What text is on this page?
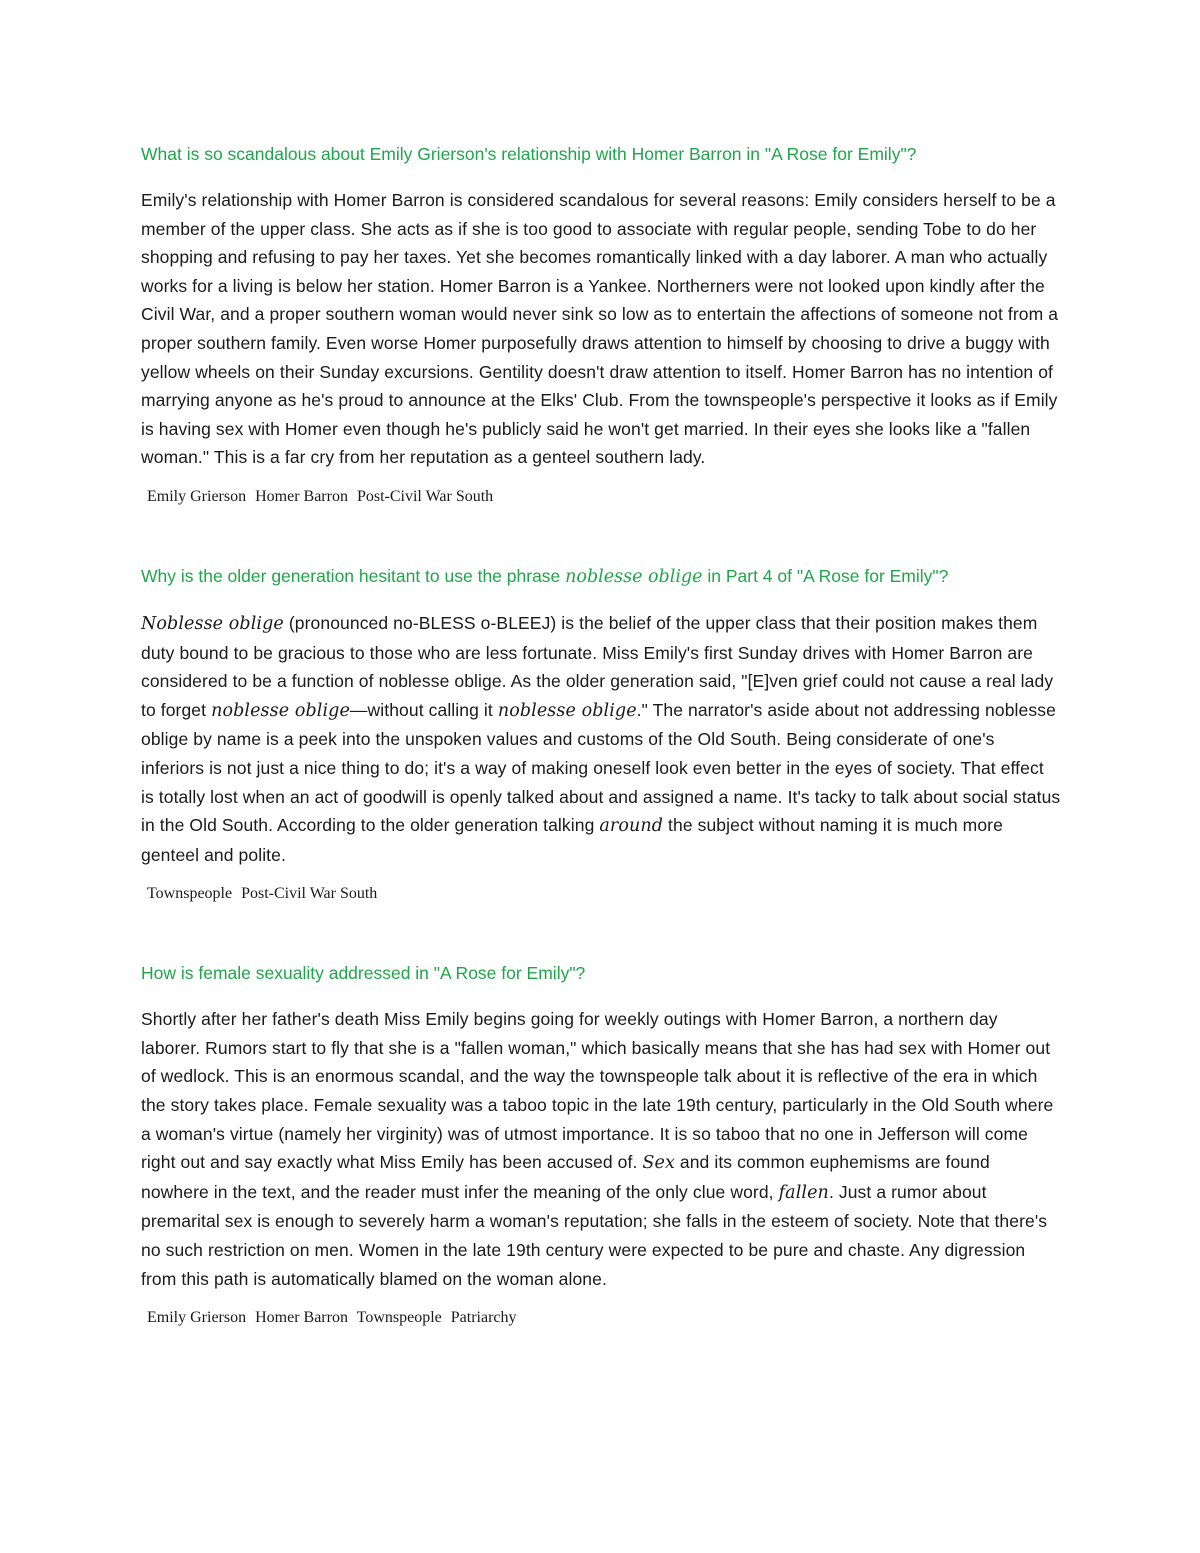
What is so scandalous about Emily Grierson's relationship with Homer Barron in "A Rose for Emily"?

Emily's relationship with Homer Barron is considered scandalous for several reasons: Emily considers herself to be a member of the upper class. She acts as if she is too good to associate with regular people, sending Tobe to do her shopping and refusing to pay her taxes. Yet she becomes romantically linked with a day laborer. A man who actually works for a living is below her station. Homer Barron is a Yankee. Northerners were not looked upon kindly after the Civil War, and a proper southern woman would never sink so low as to entertain the affections of someone not from a proper southern family. Even worse Homer purposefully draws attention to himself by choosing to drive a buggy with yellow wheels on their Sunday excursions. Gentility doesn't draw attention to itself. Homer Barron has no intention of marrying anyone as he's proud to announce at the Elks' Club. From the townspeople's perspective it looks as if Emily is having sex with Homer even though he's publicly said he won't get married. In their eyes she looks like a "fallen woman." This is a far cry from her reputation as a genteel southern lady.

Emily Grierson Homer Barron Post-Civil War South

Why is the older generation hesitant to use the phrase noblesse oblige in Part 4 of "A Rose for Emily"?

Noblesse oblige (pronounced no-BLESS o-BLEEJ) is the belief of the upper class that their position makes them duty bound to be gracious to those who are less fortunate. Miss Emily's first Sunday drives with Homer Barron are considered to be a function of noblesse oblige. As the older generation said, "[E]ven grief could not cause a real lady to forget noblesse oblige—without calling it noblesse oblige." The narrator's aside about not addressing noblesse oblige by name is a peek into the unspoken values and customs of the Old South. Being considerate of one's inferiors is not just a nice thing to do; it's a way of making oneself look even better in the eyes of society. That effect is totally lost when an act of goodwill is openly talked about and assigned a name. It's tacky to talk about social status in the Old South. According to the older generation talking around the subject without naming it is much more genteel and polite.

Townspeople Post-Civil War South

How is female sexuality addressed in "A Rose for Emily"?

Shortly after her father's death Miss Emily begins going for weekly outings with Homer Barron, a northern day laborer. Rumors start to fly that she is a "fallen woman," which basically means that she has had sex with Homer out of wedlock. This is an enormous scandal, and the way the townspeople talk about it is reflective of the era in which the story takes place. Female sexuality was a taboo topic in the late 19th century, particularly in the Old South where a woman's virtue (namely her virginity) was of utmost importance. It is so taboo that no one in Jefferson will come right out and say exactly what Miss Emily has been accused of. Sex and its common euphemisms are found nowhere in the text, and the reader must infer the meaning of the only clue word, fallen. Just a rumor about premarital sex is enough to severely harm a woman's reputation; she falls in the esteem of society. Note that there's no such restriction on men. Women in the late 19th century were expected to be pure and chaste. Any digression from this path is automatically blamed on the woman alone.

Emily Grierson Homer Barron Townspeople Patriarchy
